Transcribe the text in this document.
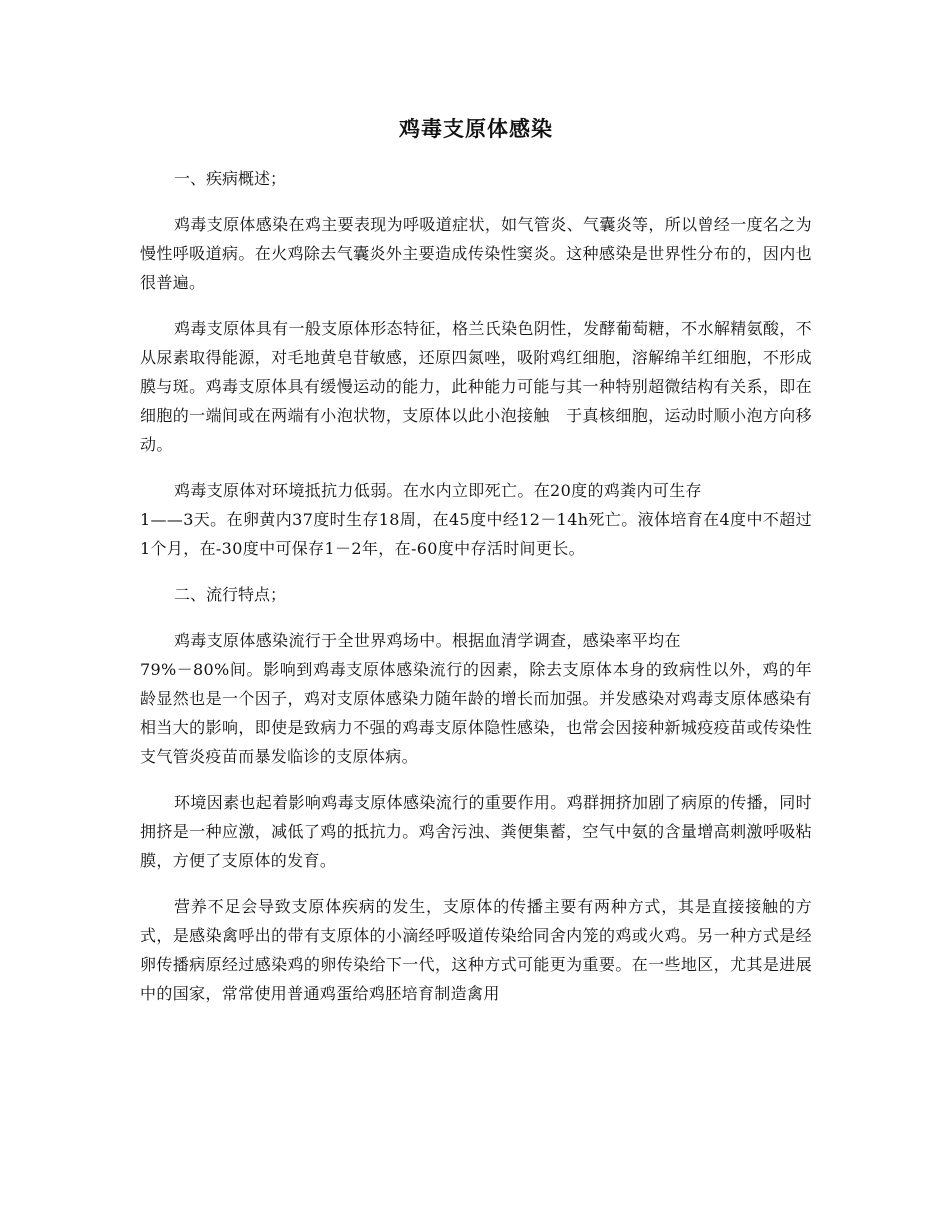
鸡毒支原体感染

一、疾病概述；

鸡毒支原体感染在鸡主要表现为呼吸道症状，如气管炎、气囊炎等，所以曾经一度名之为慢性呼吸道病。在火鸡除去气囊炎外主要造成传染性窦炎。这种感染是世界性分布的，因内也很普遍。

鸡毒支原体具有一般支原体形态特征，格兰氏染色阴性，发酵葡萄糖，不水解精氨酸，不从尿素取得能源，对毛地黄皂苷敏感，还原四氮唑，吸附鸡红细胞，溶解绵羊红细胞，不形成膜与斑。鸡毒支原体具有缓慢运动的能力，此种能力可能与其一种特别超微结构有关系，即在细胞的一端间或在两端有小泡状物，支原体以此小泡接触　于真核细胞，运动时顺小泡方向移动。

鸡毒支原体对环境抵抗力低弱。在水内立即死亡。在20度的鸡粪内可生存
1——3天。在卵黄内37度时生存18周，在45度中经12－14h死亡。液体培育在4度中不超过1个月，在-30度中可保存1－2年，在-60度中存活时间更长。

二、流行特点；

鸡毒支原体感染流行于全世界鸡场中。根据血清学调查，感染率平均在
79%－80%间。影响到鸡毒支原体感染流行的因素，除去支原体本身的致病性以外，鸡的年龄显然也是一个因子，鸡对支原体感染力随年龄的增长而加强。并发感染对鸡毒支原体感染有相当大的影响，即使是致病力不强的鸡毒支原体隐性感染，也常会因接种新城疫疫苗或传染性支气管炎疫苗而暴发临诊的支原体病。

环境因素也起着影响鸡毒支原体感染流行的重要作用。鸡群拥挤加剧了病原的传播，同时拥挤是一种应激，减低了鸡的抵抗力。鸡舍污浊、粪便集蓄，空气中氨的含量增高刺激呼吸粘膜，方便了支原体的发育。

营养不足会导致支原体疾病的发生，支原体的传播主要有两种方式，其是直接接触的方式，是感染禽呼出的带有支原体的小滴经呼吸道传染给同舍内笼的鸡或火鸡。另一种方式是经卵传播病原经过感染鸡的卵传染给下一代，这种方式可能更为重要。在一些地区，尤其是进展中的国家，常常使用普通鸡蛋给鸡胚培育制造禽用
